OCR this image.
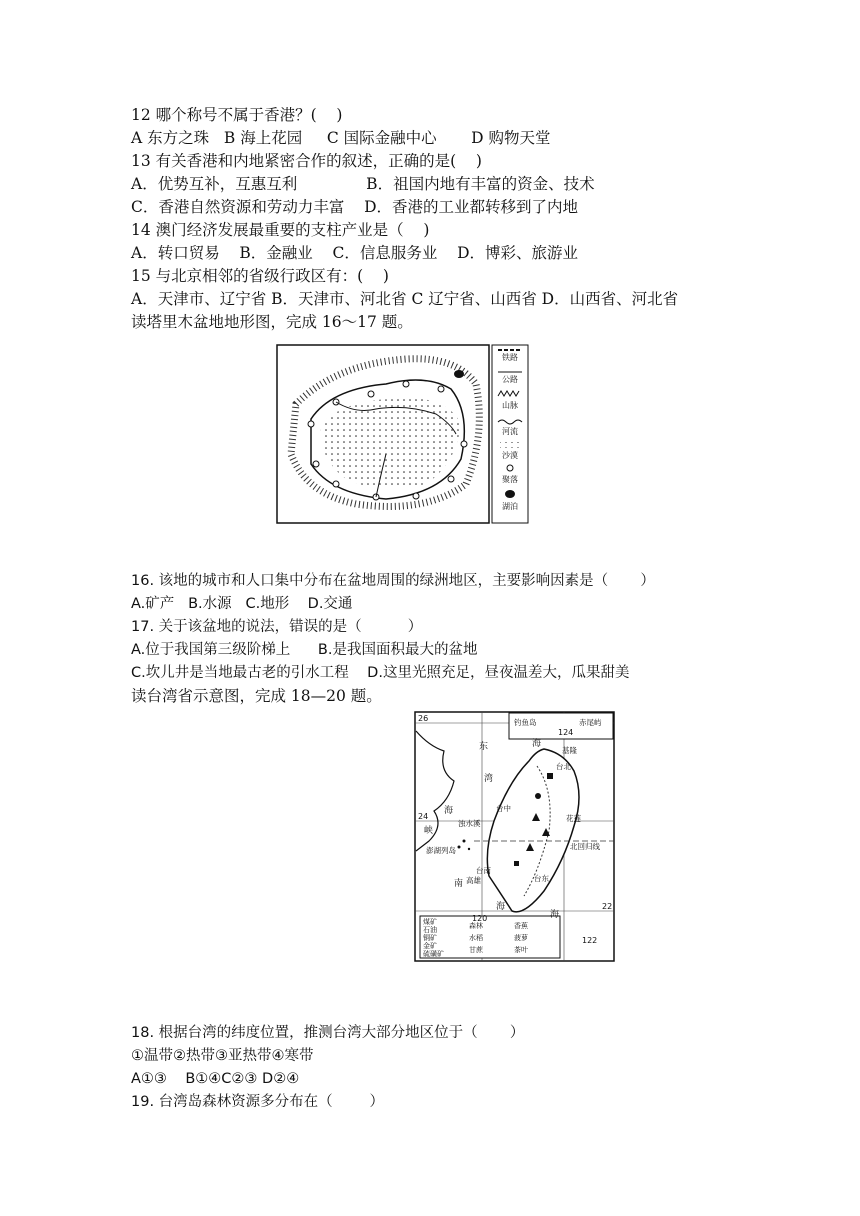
12 哪个称号不属于香港？(    )
A 东方之珠   B 海上花园     C 国际金融中心       D 购物天堂
13 有关香港和内地紧密合作的叙述，正确的是(    )
A．优势互补，互惠互利              B．祖国内地有丰富的资金、技术
C．香港自然资源和劳动力丰富    D．香港的工业都转移到了内地
14 澳门经济发展最重要的支柱产业是（    )
A．转口贸易    B．金融业    C．信息服务业    D．博彩、旅游业
15 与北京相邻的省级行政区有：(    )
A．天津市、辽宁省 B．天津市、河北省 C 辽宁省、山西省 D．山西省、河北省
读塔里木盆地地形图，完成 16～17 题。
铁路
公路
山脉
河流
沙漠
聚落
湖泊
16. 该地的城市和人口集中分布在盆地周围的绿洲地区，主要影响因素是（       ）
A.矿产   B.水源   C.地形    D.交通
17. 关于该盆地的说法，错误的是（          ）
A.位于我国第三级阶梯上      B.是我国面积最大的盆地
C.坎儿井是当地最古老的引水工程    D.这里光照充足，昼夜温差大，瓜果甜美
读台湾省示意图，完成 18—20 题。
煤矿
石油
铜矿
金矿
硫磺矿
森林
水稻
甘蔗
香蕉
菠萝
茶叶
26
24
22
120
122
124
东	海
湾
海
峡
南
海
海
钓鱼岛	赤尾屿
基隆
台北
台中
浊水溪
澎湖列岛
花莲
北回归线
台南
高雄	台东
18. 根据台湾的纬度位置，推测台湾大部分地区位于（       ）
①温带②热带③亚热带④寒带
A①③    B①④C②③ D②④
19. 台湾岛森林资源多分布在（        ）
